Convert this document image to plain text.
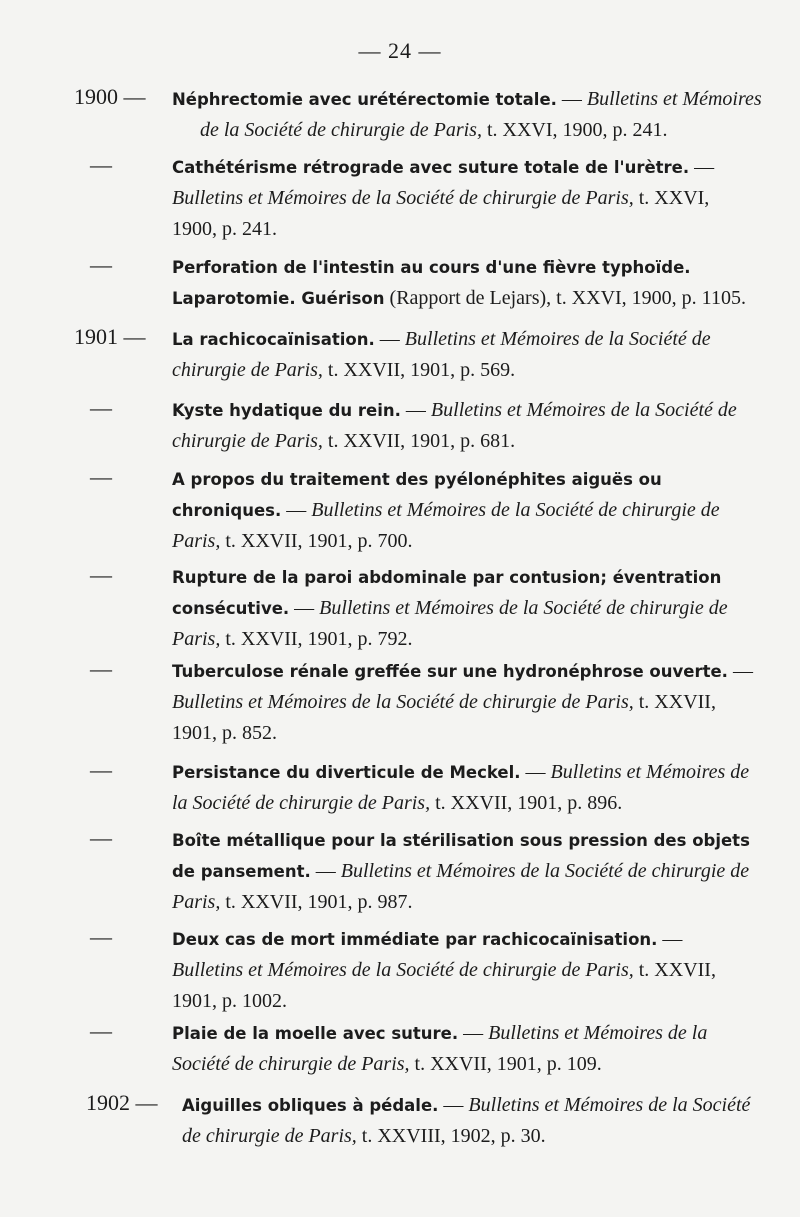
— 24 —
1900 —	Néphrectomie avec urétérectomie totale. — Bulletins et Mémoires de la Société de chirurgie de Paris, t. XXVI, 1900, p. 241.
—	Cathétérisme rétrograde avec suture totale de l'urètre. — Bulletins et Mémoires de la Société de chirurgie de Paris, t. XXVI, 1900, p. 241.
—	Perforation de l'intestin au cours d'une fièvre typhoïde. Laparotomie. Guérison (Rapport de Lejars), t. XXVI, 1900, p. 1105.
1901 —	La rachicocaïnisation. — Bulletins et Mémoires de la Société de chirurgie de Paris, t. XXVII, 1901, p. 569.
—	Kyste hydatique du rein. — Bulletins et Mémoires de la Société de chirurgie de Paris, t. XXVII, 1901, p. 681.
—	A propos du traitement des pyélonéphites aiguës ou chroniques. — Bulletins et Mémoires de la Société de chirurgie de Paris, t. XXVII, 1901, p. 700.
—	Rupture de la paroi abdominale par contusion; éventration consécutive. — Bulletins et Mémoires de la Société de chirurgie de Paris, t. XXVII, 1901, p. 792.
—	Tuberculose rénale greffée sur une hydronéphrose ouverte. — Bulletins et Mémoires de la Société de chirurgie de Paris, t. XXVII, 1901, p. 852.
—	Persistance du diverticule de Meckel. — Bulletins et Mémoires de la Société de chirurgie de Paris, t. XXVII, 1901, p. 896.
—	Boîte métallique pour la stérilisation sous pression des objets de pansement. — Bulletins et Mémoires de la Société de chirurgie de Paris, t. XXVII, 1901, p. 987.
—	Deux cas de mort immédiate par rachicocaïnisation. — Bulletins et Mémoires de la Société de chirurgie de Paris, t. XXVII, 1901, p. 1002.
—	Plaie de la moelle avec suture. — Bulletins et Mémoires de la Société de chirurgie de Paris, t. XXVII, 1901, p. 109.
1902 —	Aiguilles obliques à pédale. — Bulletins et Mémoires de la Société de chirurgie de Paris, t. XXVIII, 1902, p. 30.
